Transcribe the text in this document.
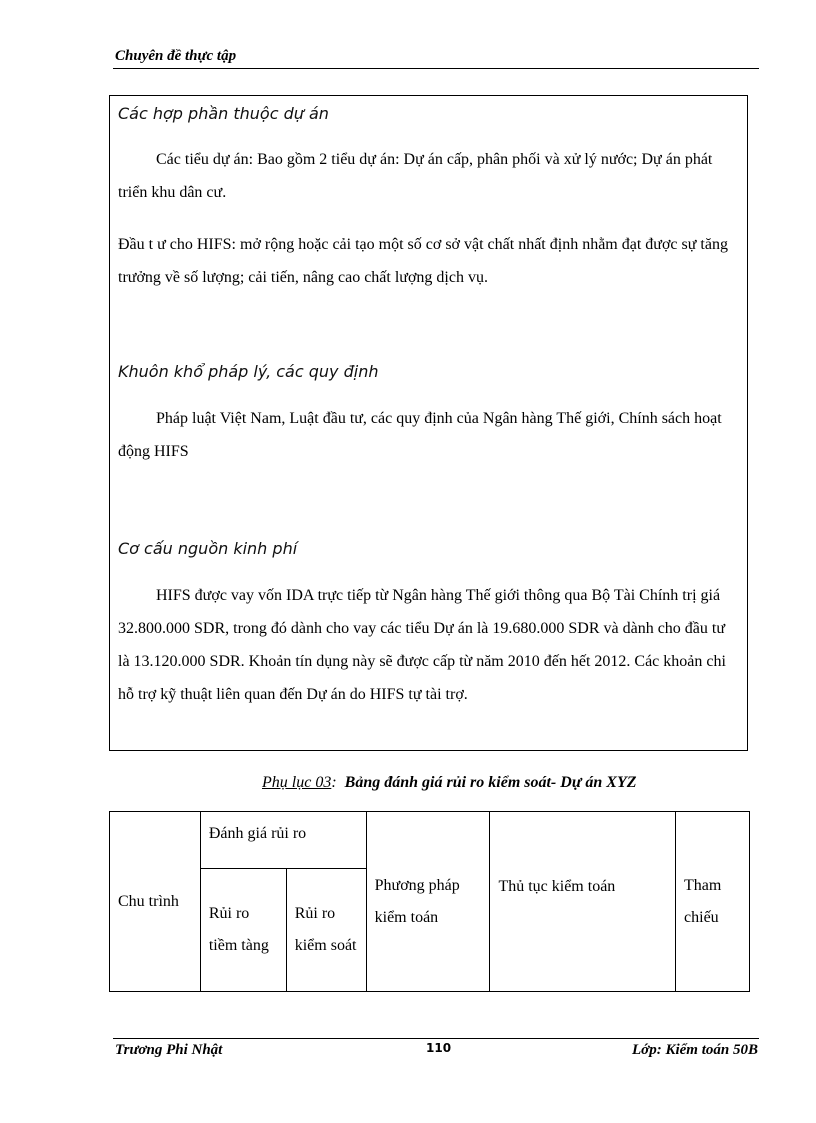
Chuyên đề thực tập
Các hợp phần thuộc dự án

Các tiểu dự án: Bao gồm 2 tiểu dự án: Dự án cấp, phân phối và xử lý nước; Dự án phát triển khu dân cư.

Đầu t ư cho HIFS: mở rộng hoặc cải tạo một số cơ sở vật chất nhất định nhằm đạt được sự tăng trưởng về số lượng; cải tiến, nâng cao chất lượng dịch vụ.

Khuôn khổ pháp lý, các quy định

Pháp luật Việt Nam, Luật đầu tư, các quy định của Ngân hàng Thế giới, Chính sách hoạt động HIFS

Cơ cấu nguồn kinh phí

HIFS được vay vốn IDA trực tiếp từ Ngân hàng Thế giới thông qua Bộ Tài Chính trị giá 32.800.000 SDR, trong đó dành cho vay các tiểu Dự án là 19.680.000 SDR và dành cho đầu tư là 13.120.000 SDR. Khoản tín dụng này sẽ được cấp từ năm 2010 đến hết 2012. Các khoản chi hỗ trợ kỹ thuật liên quan đến Dự án do HIFS tự tài trợ.

Phụ lục 03: Bảng đánh giá rủi ro kiểm soát- Dự án XYZ
Chu trình	Đánh giá rủi ro		Phương pháp kiểm toán	Thủ tục kiểm toán	Tham chiếu

	Rủi ro tiềm tàng	Rủi ro kiểm soát			
Trương Phi Nhật	110	Lớp: Kiểm toán 50B
